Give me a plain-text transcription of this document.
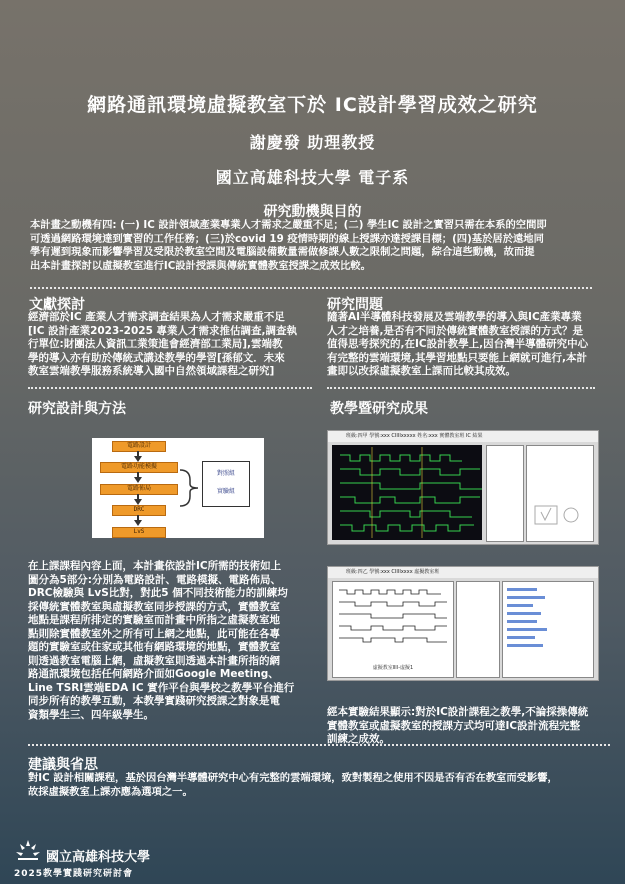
網路通訊環境虛擬教室下於 IC設計學習成效之研究
謝慶發 助理教授
國立高雄科技大學 電子系
研究動機與目的
本計畫之動機有四: (一) IC 設計領域產業專業人才需求之嚴重不足；(二) 學生IC 設計之實習只需在本系的空間即
可透過網路環境達到實習的工作任務；(三)於covid 19 疫情時期的線上授課亦達授課目標；(四)基於居於遠地同
學有遲到現象而影響學習及受限於教室空間及電腦設備數量需做修課人數之限制之問題，綜合這些動機，故而提
出本計畫探討以虛擬教室進行IC設計授課與傳統實體教室授課之成效比較。
文獻探討
經濟部於IC 產業人才需求調查結果為人才需求嚴重不足
[IC 設計產業2023-2025 專業人才需求推估調查,調查執
行單位:財團法人資訊工業策進會經濟部工業局],雲端教
學的導入亦有助於傳統式講述教學的學習[孫郁文．未來
教室雲端教學服務系統導入國中自然領域課程之研究]
研究問題
隨著AI半導體科技發展及雲端教學的導入與IC產業專業
人才之培養,是否有不同於傳統實體教室授課的方式？是
值得思考探究的,在IC設計教學上,因台灣半導體研究中心
有完整的雲端環境,其學習地點只要能上網就可進行,本計
畫即以改採虛擬教室上課而比較其成效。
研究設計與方法
電路設計
電路功能模擬
電路佈局
DRC
LvS
對照組
實驗組
在上課課程內容上面，本計畫依設計IC所需的技術如上
圖分為5部分:分別為電路設計、電路模擬、電路佈局、
DRC檢驗與 LvS比對，對此5 個不同技術能力的訓練均
採傳統實體教室與虛擬教室同步授課的方式，實體教室
地點是課程所排定的實驗室而計畫中所指之虛擬教室地
點則除實體教室外之所有可上網之地點，此可能在各專
題的實驗室或住家或其他有網路環境的地點，實體教室
則透過教室電腦上網，虛擬教室則透過本計畫所指的網
路通訊環境包括任何網路介面如Google Meeting、
Line TSRI雲端EDA IC 實作平台與學校之教學平台進行
同步所有的教學互動，本教學實踐研究授課之對象是電
資類學生三、四年級學生。
教學暨研究成果
班級:四甲 學號:xxx CIIIIxxxxx 姓名:xxx 實體教室班 IC 結果
班級:四乙 學號:xxx CIIIIxxxx 虛擬教室班
虛擬教室ⅡⅠⅠ-虛擬1
經本實驗結果顯示:對於IC設計課程之教學,不論採操傳統
實體教室或虛擬教室的授課方式均可達IC設計流程完整
訓練之成效。
建議與省思
對IC 設計相關課程，基於因台灣半導體研究中心有完整的雲端環境，致對製程之使用不因是否有否在教室而受影響，
故採虛擬教室上課亦應為選項之一。
國立高雄科技大學
2025教學實踐研究研討會
